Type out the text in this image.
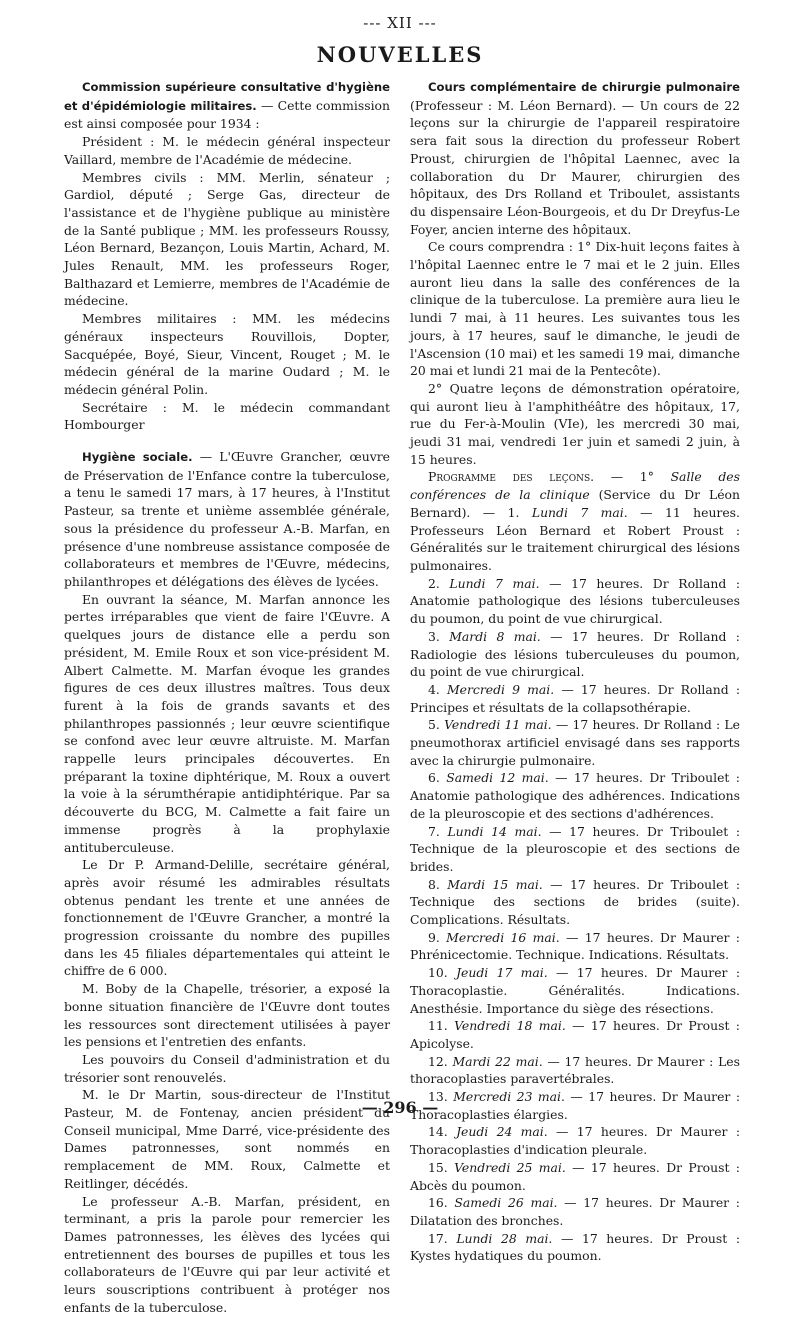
--- XII ---
NOUVELLES

Commission supérieure consultative d'hygiène et d'épidémiologie militaires. — Cette commission est ainsi composée pour 1934 :

Président : M. le médecin général inspecteur Vaillard, membre de l'Académie de médecine.

Membres civils : MM. Merlin, sénateur ; Gardiol, député ; Serge Gas, directeur de l'assistance et de l'hygiène publique au ministère de la Santé publique ; MM. les professeurs Roussy, Léon Bernard, Bezançon, Louis Martin, Achard, M. Jules Renault, MM. les professeurs Roger, Balthazard et Lemierre, membres de l'Académie de médecine.

Membres militaires : MM. les médecins généraux inspecteurs Rouvillois, Dopter, Sacquépée, Boyé, Sieur, Vincent, Rouget ; M. le médecin général de la marine Oudard ; M. le médecin général Polin.

Secrétaire : M. le médecin commandant Hombourger

Hygiène sociale. — L'Œuvre Grancher, œuvre de Préservation de l'Enfance contre la tuberculose, a tenu le samedi 17 mars, à 17 heures, à l'Institut Pasteur, sa trente et unième assemblée générale, sous la présidence du professeur A.-B. Marfan, en présence d'une nombreuse assistance composée de collaborateurs et membres de l'Œuvre, médecins, philanthropes et délégations des élèves de lycées.

En ouvrant la séance, M. Marfan annonce les pertes irréparables que vient de faire l'Œuvre. A quelques jours de distance elle a perdu son président, M. Emile Roux et son vice-président M. Albert Calmette. M. Marfan évoque les grandes figures de ces deux illustres maîtres. Tous deux furent à la fois de grands savants et des philanthropes passionnés ; leur œuvre scientifique se confond avec leur œuvre altruiste. M. Marfan rappelle leurs principales découvertes. En préparant la toxine diphtérique, M. Roux a ouvert la voie à la sérumthérapie antidiphtérique. Par sa découverte du BCG, M. Calmette a fait faire un immense progrès à la prophylaxie antituberculeuse.

Le Dr P. Armand-Delille, secrétaire général, après avoir résumé les admirables résultats obtenus pendant les trente et une années de fonctionnement de l'Œuvre Grancher, a montré la progression croissante du nombre des pupilles dans les 45 filiales départementales qui atteint le chiffre de 6 000.

M. Boby de la Chapelle, trésorier, a exposé la bonne situation financière de l'Œuvre dont toutes les ressources sont directement utilisées à payer les pensions et l'entretien des enfants.

Les pouvoirs du Conseil d'administration et du trésorier sont renouvelés.

M. le Dr Martin, sous-directeur de l'Institut Pasteur, M. de Fontenay, ancien président du Conseil municipal, Mme Darré, vice-présidente des Dames patronnesses, sont nommés en remplacement de MM. Roux, Calmette et Reitlinger, décédés.

Le professeur A.-B. Marfan, président, en terminant, a pris la parole pour remercier les Dames patronnesses, les élèves des lycées qui entretiennent des bourses de pupilles et tous les collaborateurs de l'Œuvre qui par leur activité et leurs souscriptions contribuent à protéger nos enfants de la tuberculose.

Cours complémentaire de chirurgie pulmonaire (Professeur : M. Léon Bernard). — Un cours de 22 leçons sur la chirurgie de l'appareil respiratoire sera fait sous la direction du professeur Robert Proust, chirurgien de l'hôpital Laennec, avec la collaboration du Dr Maurer, chirurgien des hôpitaux, des Drs Rolland et Triboulet, assistants du dispensaire Léon-Bourgeois, et du Dr Dreyfus-Le Foyer, ancien interne des hôpitaux.

Ce cours comprendra : 1° Dix-huit leçons faites à l'hôpital Laennec entre le 7 mai et le 2 juin. Elles auront lieu dans la salle des conférences de la clinique de la tuberculose. La première aura lieu le lundi 7 mai, à 11 heures. Les suivantes tous les jours, à 17 heures, sauf le dimanche, le jeudi de l'Ascension (10 mai) et les samedi 19 mai, dimanche 20 mai et lundi 21 mai de la Pentecôte).

2° Quatre leçons de démonstration opératoire, qui auront lieu à l'amphithéâtre des hôpitaux, 17, rue du Fer-à-Moulin (VIe), les mercredi 30 mai, jeudi 31 mai, vendredi 1er juin et samedi 2 juin, à 15 heures.

Programme des leçons. — 1° Salle des conférences de la clinique (Service du Dr Léon Bernard). — 1. Lundi 7 mai. — 11 heures. Professeurs Léon Bernard et Robert Proust : Généralités sur le traitement chirurgical des lésions pulmonaires.

2. Lundi 7 mai. — 17 heures. Dr Rolland : Anatomie pathologique des lésions tuberculeuses du poumon, du point de vue chirurgical.

3. Mardi 8 mai. — 17 heures. Dr Rolland : Radiologie des lésions tuberculeuses du poumon, du point de vue chirurgical.

4. Mercredi 9 mai. — 17 heures. Dr Rolland : Principes et résultats de la collapsothérapie.

5. Vendredi 11 mai. — 17 heures. Dr Rolland : Le pneumothorax artificiel envisagé dans ses rapports avec la chirurgie pulmonaire.

6. Samedi 12 mai. — 17 heures. Dr Triboulet : Anatomie pathologique des adhérences. Indications de la pleuroscopie et des sections d'adhérences.

7. Lundi 14 mai. — 17 heures. Dr Triboulet : Technique de la pleuroscopie et des sections de brides.

8. Mardi 15 mai. — 17 heures. Dr Triboulet : Technique des sections de brides (suite). Complications. Résultats.

9. Mercredi 16 mai. — 17 heures. Dr Maurer : Phrénicectomie. Technique. Indications. Résultats.

10. Jeudi 17 mai. — 17 heures. Dr Maurer : Thoracoplastie. Généralités. Indications. Anesthésie. Importance du siège des résections.

11. Vendredi 18 mai. — 17 heures. Dr Proust : Apicolyse.

12. Mardi 22 mai. — 17 heures. Dr Maurer : Les thoracoplasties paravertébrales.

13. Mercredi 23 mai. — 17 heures. Dr Maurer : Thoracoplasties élargies.

14. Jeudi 24 mai. — 17 heures. Dr Maurer : Thoracoplasties d'indication pleurale.

15. Vendredi 25 mai. — 17 heures. Dr Proust : Abcès du poumon.

16. Samedi 26 mai. — 17 heures. Dr Maurer : Dilatation des bronches.

17. Lundi 28 mai. — 17 heures. Dr Proust : Kystes hydatiques du poumon.

— 296 —
